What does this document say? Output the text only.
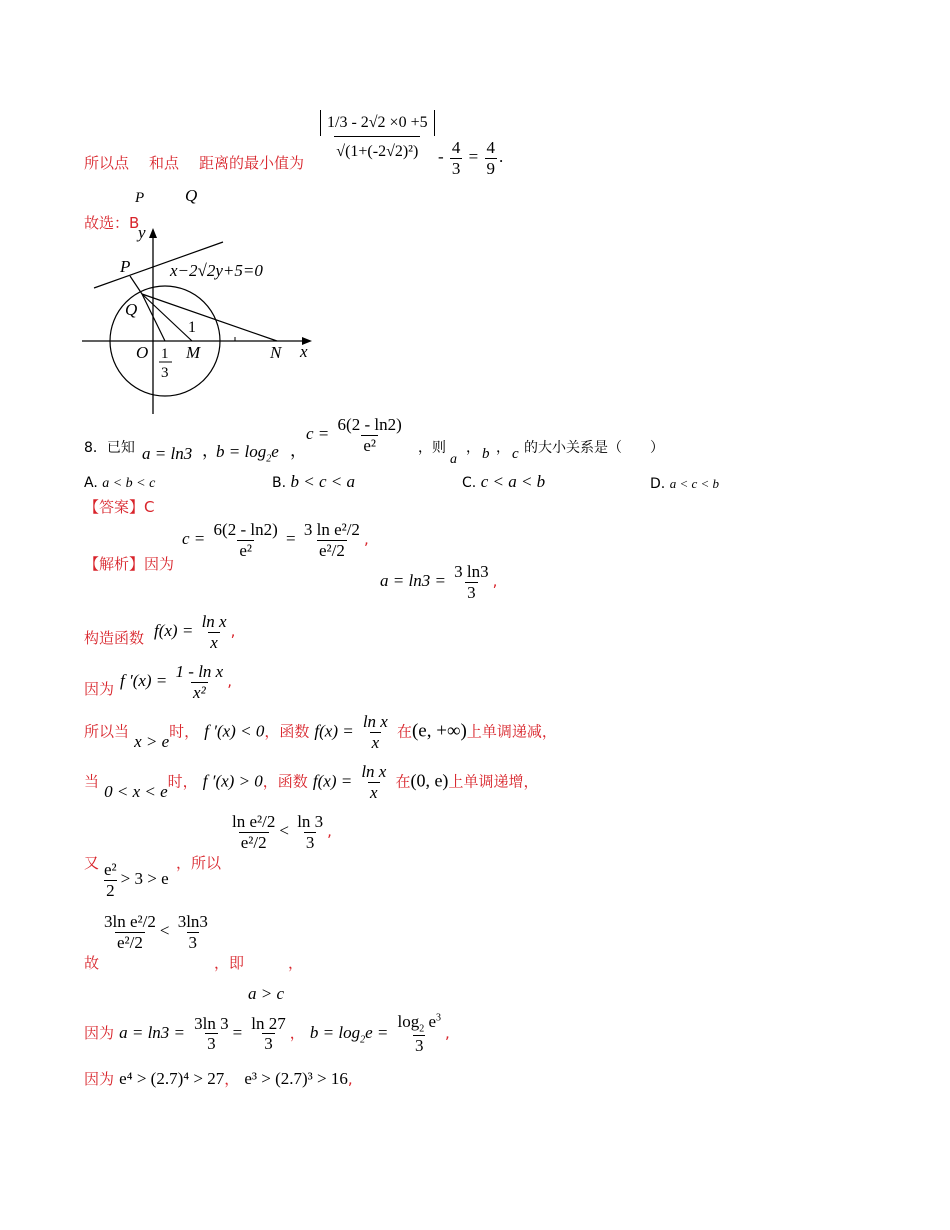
所以点 和点 距离的最小值为
$\frac{1/3 - 2√2 \times 0 +5}{\text{√(1+(-2√2)²)}} - \frac{4}{3} = \frac{4}{9}$ .
P Q
故选：B
y
x
P
Q
O M	N
1
1
3
x−2√2y+5=0
8．已知 a = ln3 ，
$b = \log_2e$ ，
$c = \frac{6(2 - \ln 2)}{\text{e²}}$ ，则
a
， b ， c 的大小关系是（　　）
A. a < b < c	B. b < c < a	C. c < a < b	D. a < c < b
【答案】C
【解析】因为
$c = \frac{6(2 - \ln 2)}{\text{e²}} = \frac{\text{3 ln e²/2}}{\text{e²/2}}$ ,
$a = \ln 3 = \frac{3 \ln 3}{3}$ ,
构造函数 $f(x) = \frac{\text{ln x}}{x}$ ,
因为 f $'(x) = \frac{\text{1 - ln x}}{\text{x²}}$ ,
所以当 x > e时， f ′(x) < 0，函数 $f(x) = \frac{\text{ln x}}{x}$ 在(e, +∞)上单调递减，
当 0 < x < e时， f ′(x) > 0，函数 $f(x) = \frac{\text{ln x}}{x}$ 在(0, e)上单调递增，
又 $\frac{\text{e²}}{2} > 3 > e$
，所以
$\frac{\text{ln e²/2}}{\text{e²/2}} < \frac{\ln 3}{3}$ ,
故
$\frac{\text{3ln e²/2}}{\text{e²/2}} < \frac{3\ln 3}{3}$
，即	，
a > c
因为 $a = \ln 3 = \frac{3\ln 3}{3} = \frac{\ln 27}{3}$ ， $b = \log_2e = \frac{\log_2 e^3}{3}$ ,
因为 e⁴ > (2.7)⁴ > 27， e³ > (2.7)³ > 16,
